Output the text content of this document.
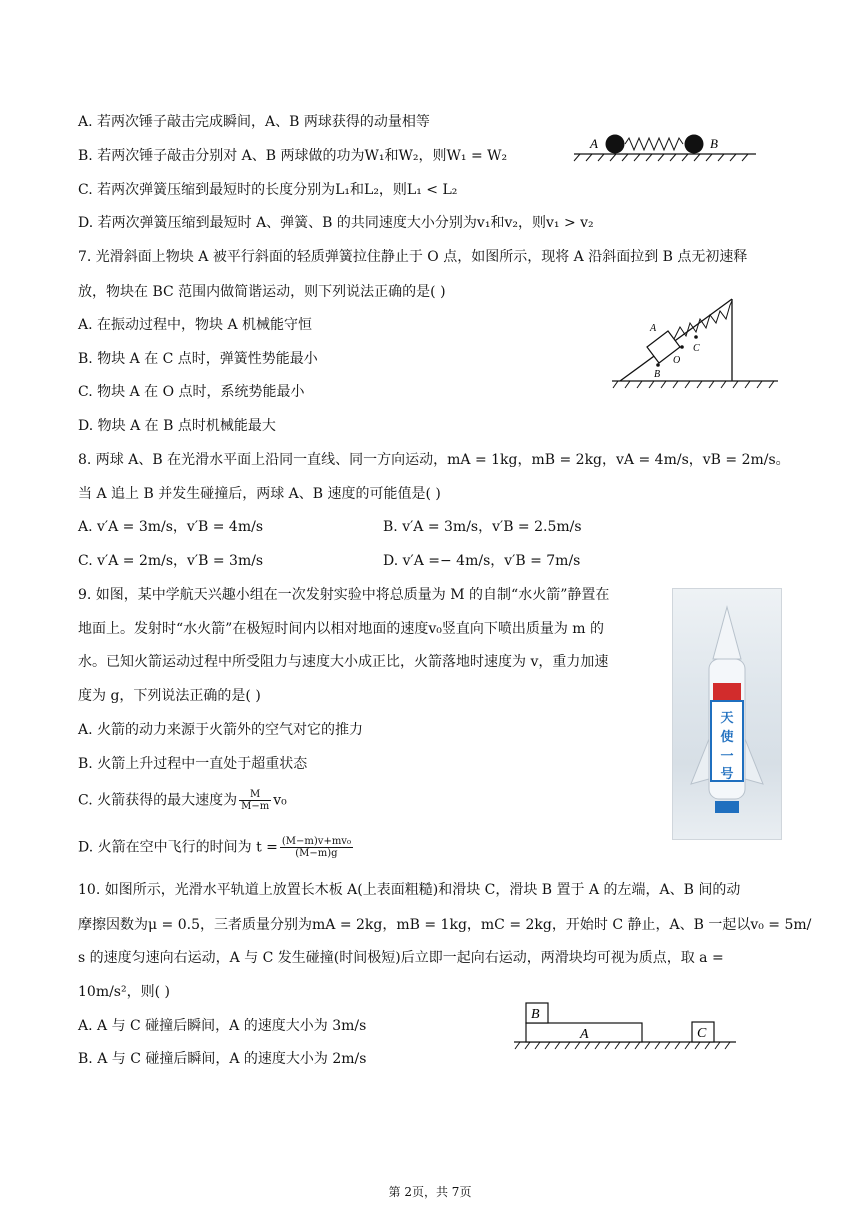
A. 若两次锤子敲击完成瞬间，A、B 两球获得的动量相等
B. 若两次锤子敲击分别对 A、B 两球做的功为W₁和W₂，则W₁ = W₂
C. 若两次弹簧压缩到最短时的长度分别为L₁和L₂，则L₁ < L₂
D. 若两次弹簧压缩到最短时 A、弹簧、B 的共同速度大小分别为v₁和v₂，则v₁ > v₂
A	B
7. 光滑斜面上物块 A 被平行斜面的轻质弹簧拉住静止于 O 点，如图所示，现将 A 沿斜面拉到 B 点无初速释
放，物块在 BC 范围内做简谐运动，则下列说法正确的是( )
A. 在振动过程中，物块 A 机械能守恒
B. 物块 A 在 C 点时，弹簧性势能最小
C. 物块 A 在 O 点时，系统势能最小
D. 物块 A 在 B 点时机械能最大
A
O
C
B
8. 两球 A、B 在光滑水平面上沿同一直线、同一方向运动，mA = 1kg，mB = 2kg，vA = 4m/s，vB = 2m/s。
当 A 追上 B 并发生碰撞后，两球 A、B 速度的可能值是( )
A. v′A = 3m/s，v′B = 4m/s	B. v′A = 3m/s，v′B = 2.5m/s
C. v′A = 2m/s，v′B = 3m/s	D. v′A =− 4m/s，v′B = 7m/s
9. 如图，某中学航天兴趣小组在一次发射实验中将总质量为 M 的自制“水火箭”静置在
地面上。发射时“水火箭”在极短时间内以相对地面的速度v₀竖直向下喷出质量为 m 的
水。已知火箭运动过程中所受阻力与速度大小成正比，火箭落地时速度为 v，重力加速
度为 g，下列说法正确的是( )
A. 火箭的动力来源于火箭外的空气对它的推力
B. 火箭上升过程中一直处于超重状态
C. 火箭获得的最大速度为 $\frac{M}{M-m} v_0$
D. 火箭在空中飞行的时间为 $t = \frac{\text{(M−m)v+mv₀}}{(M-m)g}$
天
使
一
号
10. 如图所示，光滑水平轨道上放置长木板 A(上表面粗糙)和滑块 C，滑块 B 置于 A 的左端，A、B 间的动
摩擦因数为μ = 0.5，三者质量分别为mA = 2kg，mB = 1kg，mC = 2kg，开始时 C 静止，A、B 一起以v₀ = 5m/
s 的速度匀速向右运动，A 与 C 发生碰撞(时间极短)后立即一起向右运动，两滑块均可视为质点，取 a =
10m/s²，则( )
A. A 与 C 碰撞后瞬间，A 的速度大小为 3m/s
B. A 与 C 碰撞后瞬间，A 的速度大小为 2m/s
A
B
C
第 2页，共 7页
